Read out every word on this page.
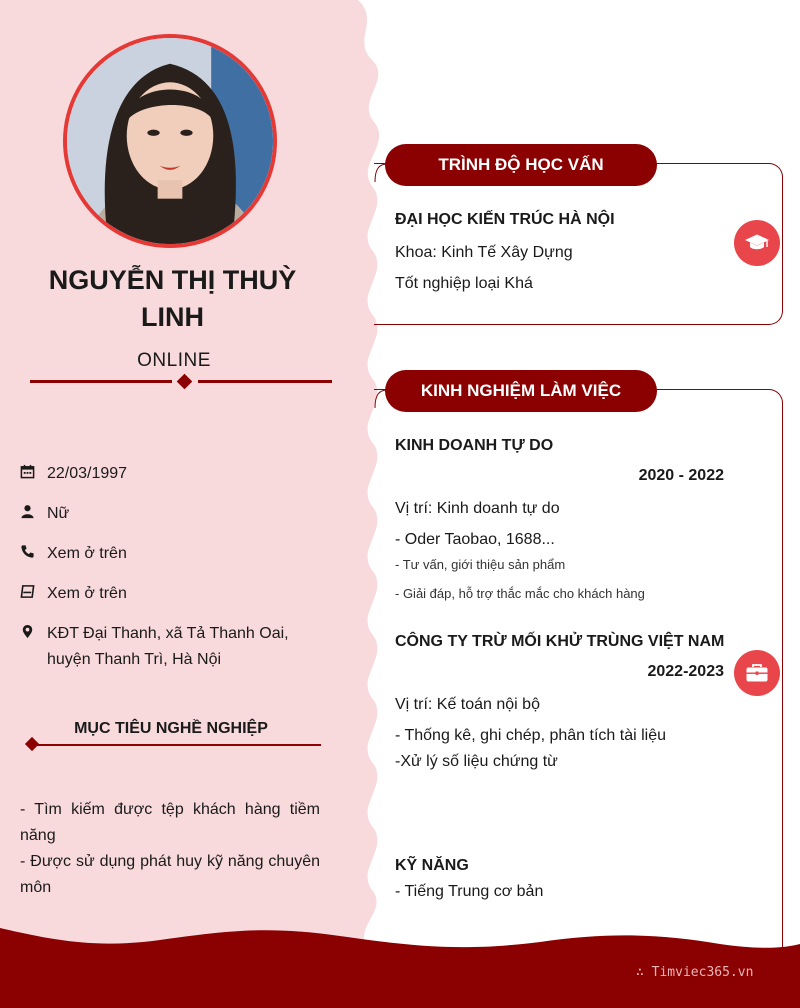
NGUYỄN THỊ THUỲ LINH
ONLINE
22/03/1997
Nữ
Xem ở trên
Xem ở trên
KĐT Đại Thanh, xã Tả Thanh Oai, huyện Thanh Trì, Hà Nội
MỤC TIÊU NGHỀ NGHIỆP
- Tìm kiếm được tệp khách hàng tiềm năng
- Được sử dụng phát huy kỹ năng chuyên môn
TRÌNH ĐỘ HỌC VẤN
ĐẠI HỌC KIẾN TRÚC HÀ NỘI
Khoa: Kinh Tế Xây Dựng
Tốt nghiệp loại Khá
KINH NGHIỆM LÀM VIỆC
KINH DOANH TỰ DO
2020 - 2022
Vị trí: Kinh doanh tự do
- Oder Taobao, 1688...
- Tư vấn, giới thiệu sản phẩm
- Giải đáp, hỗ trợ thắc mắc cho khách hàng
CÔNG TY TRỪ MỐI KHỬ TRÙNG VIỆT NAM
2022-2023
Vị trí: Kế toán nội bộ
- Thống kê, ghi chép, phân tích tài liệu
-Xử lý số liệu chứng từ
KỸ NĂNG
- Tiếng Trung cơ bản
∴ Timviec365.vn
